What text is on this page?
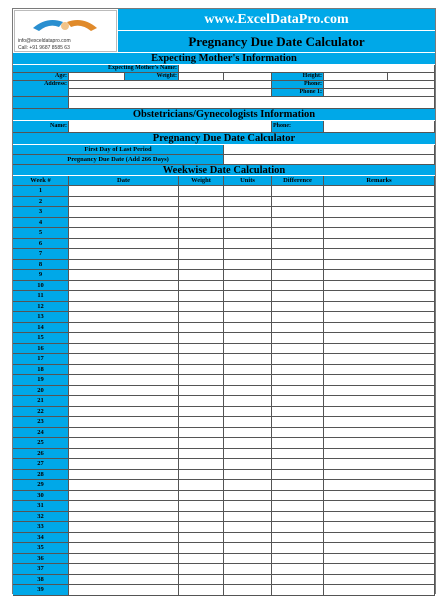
info@exceldatapro.com
Call: +91 9687 8585 63
www.ExcelDataPro.com
Pregnancy Due Date Calculator
Expecting Mother's Information
Expecting Mother's Name:
Age:	Weight:	Height:
Address:	Phone:
Phone 1:
Obstetricians/Gynecologists Information
Name:	Phone:
Pregnancy Due Date Calculator
First Day of Last Period
Pregnancy Due Date (Add 266 Days)
Weekwise Date Calculation
Week #	Date	Weight	Units	Difference	Remarks
1
2
3
4
5
6
7
8
9
10
11
12
13
14
15
16
17
18
19
20
21
22
23
24
25
26
27
28
29
30
31
32
33
34
35
36
37
38
39
